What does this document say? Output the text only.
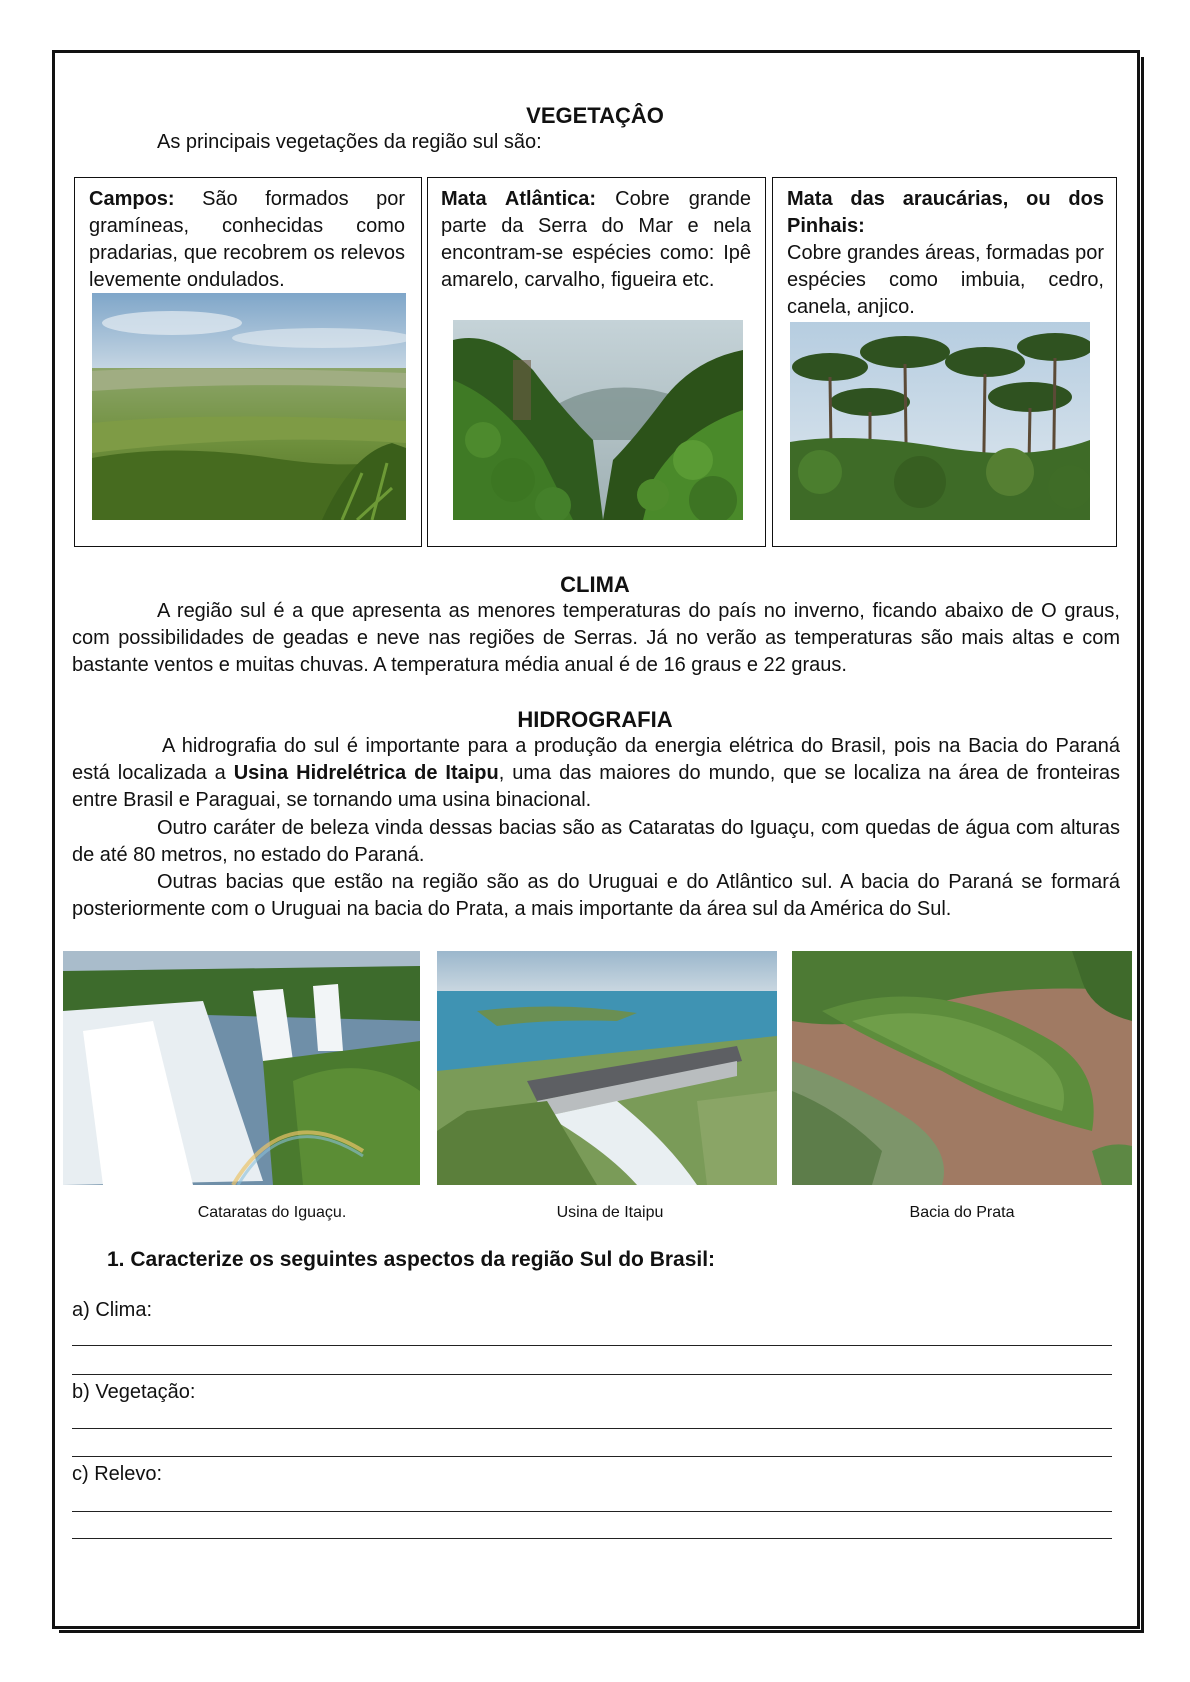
VEGETAÇÂO

As principais vegetações da região sul são:

Campos: São formados por gramíneas, conhecidas como pradarias, que recobrem os relevos levemente ondulados.

Mata Atlântica: Cobre grande parte da Serra do Mar e nela encontram-se espécies como: Ipê amarelo, carvalho, figueira etc.

Mata das araucárias, ou dos Pinhais:
Cobre grandes áreas, formadas por espécies como imbuia, cedro, canela, anjico.

CLIMA

A região sul é a que apresenta as menores temperaturas do país no inverno, ficando abaixo de O graus, com possibilidades de geadas e neve nas regiões de Serras. Já no verão as temperaturas são mais altas e com bastante ventos e muitas chuvas. A temperatura média anual é de 16 graus e 22 graus.

HIDROGRAFIA

A hidrografia do sul é importante para a produção da energia elétrica do Brasil, pois na Bacia do Paraná está localizada a Usina Hidrelétrica de Itaipu, uma das maiores do mundo, que se localiza na área de fronteiras entre Brasil e Paraguai, se tornando uma usina binacional.

Outro caráter de beleza vinda dessas bacias são as Cataratas do Iguaçu, com quedas de água com alturas de até 80 metros, no estado do Paraná.

Outras bacias que estão na região são as do Uruguai e do Atlântico sul. A bacia do Paraná se formará posteriormente com o Uruguai na bacia do Prata, a mais importante da área sul da América do Sul.

Cataratas do Iguaçu.	Usina de Itaipu	Bacia do Prata

1. Caracterize os seguintes aspectos da região Sul do Brasil:

a) Clima:

b) Vegetação:

c) Relevo:
